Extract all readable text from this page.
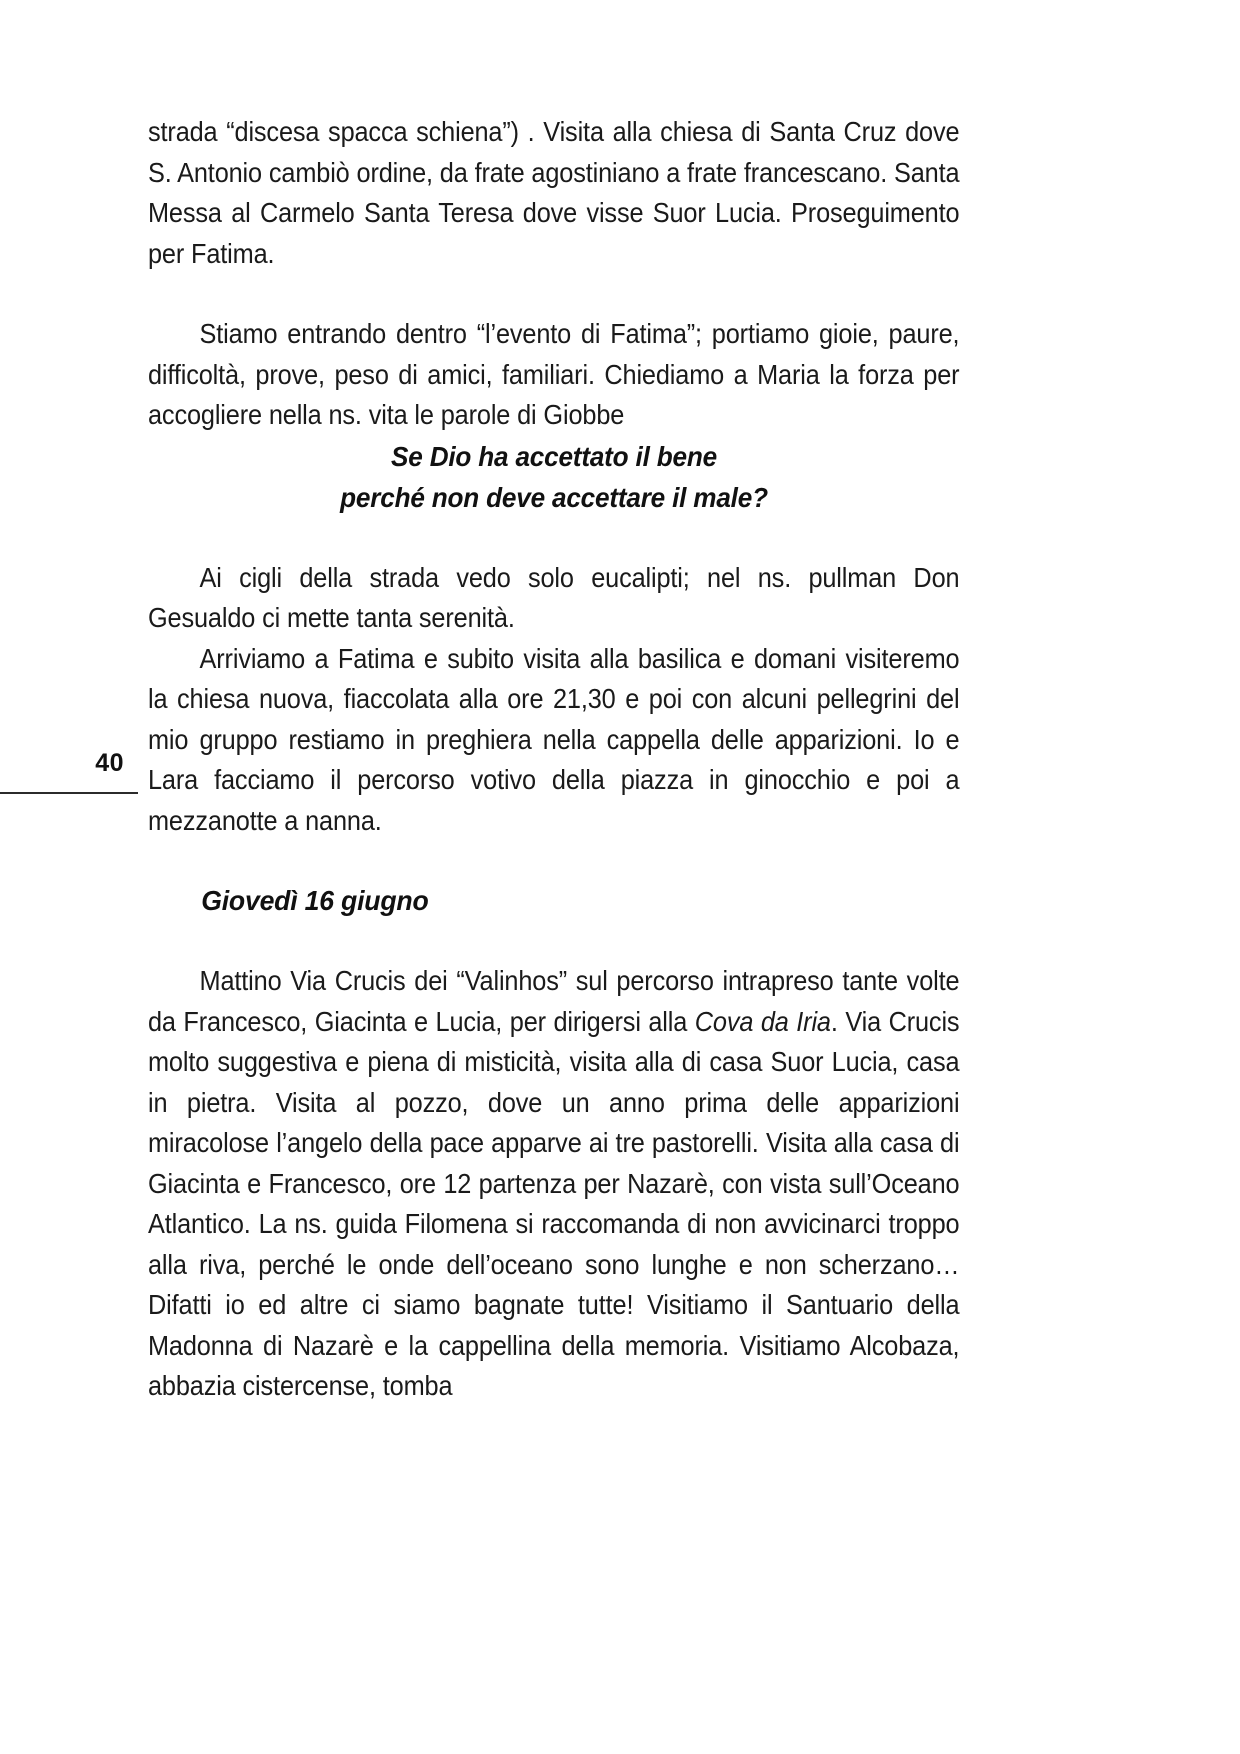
40

strada “discesa spacca schiena”) . Visita alla chiesa di Santa Cruz dove S. Antonio cambiò ordine, da frate agostiniano a frate francescano. Santa Messa al Carmelo Santa Teresa dove visse Suor Lucia. Proseguimento per Fatima.

Stiamo entrando dentro “l’evento di Fatima”; portiamo gioie, paure, difficoltà, prove, peso di amici, familiari. Chiediamo a Maria la forza per accogliere nella ns. vita le parole di Giobbe

Se Dio ha accettato il bene

perché non deve accettare il male?

Ai cigli della strada vedo solo eucalipti; nel ns. pullman Don Gesualdo ci mette tanta serenità.

Arriviamo a Fatima e subito visita alla basilica e domani visiteremo la chiesa nuova, fiaccolata alla ore 21,30 e poi con alcuni pellegrini del mio gruppo restiamo in preghiera nella cappella delle apparizioni. Io e Lara facciamo il percorso votivo della piazza in ginocchio e poi a mezzanotte a nanna.

Giovedì 16 giugno

Mattino Via Crucis dei “Valinhos” sul percorso intrapreso tante volte da Francesco, Giacinta e Lucia, per dirigersi alla Cova da Iria. Via Crucis molto suggestiva e piena di misticità, visita alla di casa Suor Lucia, casa in pietra. Visita al pozzo, dove un anno prima delle apparizioni miracolose l’angelo della pace apparve ai tre pastorelli. Visita alla casa di Giacinta e Francesco, ore 12 partenza per Nazarè, con vista sull’Oceano Atlantico. La ns. guida Filomena si raccomanda di non avvicinarci troppo alla riva, perché le onde dell’oceano sono lunghe e non scherzano… Difatti io ed altre ci siamo bagnate tutte! Visitiamo il Santuario della Madonna di Nazarè e la cappellina della memoria. Visitiamo Alcobaza, abbazia cistercense, tomba
